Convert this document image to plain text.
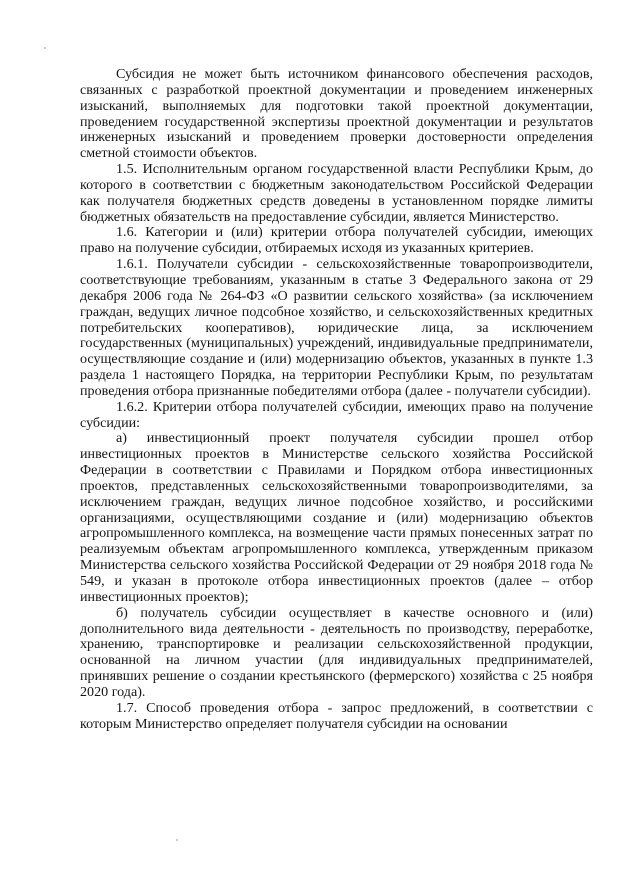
Субсидия не может быть источником финансового обеспечения расходов, связанных с разработкой проектной документации и проведением инженерных изысканий, выполняемых для подготовки такой проектной документации, проведением государственной экспертизы проектной документации и результатов инженерных изысканий и проведением проверки достоверности определения сметной стоимости объектов.

1.5. Исполнительным органом государственной власти Республики Крым, до которого в соответствии с бюджетным законодательством Российской Федерации как получателя бюджетных средств доведены в установленном порядке лимиты бюджетных обязательств на предоставление субсидии, является Министерство.

1.6. Категории и (или) критерии отбора получателей субсидии, имеющих право на получение субсидии, отбираемых исходя из указанных критериев.

1.6.1. Получатели субсидии - сельскохозяйственные товаропроизводители, соответствующие требованиям, указанным в статье 3 Федерального закона от 29 декабря 2006 года № 264-ФЗ «О развитии сельского хозяйства» (за исключением граждан, ведущих личное подсобное хозяйство, и сельскохозяйственных кредитных потребительских кооперативов), юридические лица, за исключением государственных (муниципальных) учреждений, индивидуальные предприниматели, осуществляющие создание и (или) модернизацию объектов, указанных в пункте 1.3 раздела 1 настоящего Порядка, на территории Республики Крым, по результатам проведения отбора признанные победителями отбора (далее - получатели субсидии).

1.6.2. Критерии отбора получателей субсидии, имеющих право на получение субсидии:

а) инвестиционный проект получателя субсидии прошел отбор инвестиционных проектов в Министерстве сельского хозяйства Российской Федерации в соответствии с Правилами и Порядком отбора инвестиционных проектов, представленных сельскохозяйственными товаропроизводителями, за исключением граждан, ведущих личное подсобное хозяйство, и российскими организациями, осуществляющими создание и (или) модернизацию объектов агропромышленного комплекса, на возмещение части прямых понесенных затрат по реализуемым объектам агропромышленного комплекса, утвержденным приказом Министерства сельского хозяйства Российской Федерации от 29 ноября 2018 года № 549, и указан в протоколе отбора инвестиционных проектов (далее – отбор инвестиционных проектов);

б) получатель субсидии осуществляет в качестве основного и (или) дополнительного вида деятельности - деятельность по производству, переработке, хранению, транспортировке и реализации сельскохозяйственной продукции, основанной на личном участии (для индивидуальных предпринимателей, принявших решение о создании крестьянского (фермерского) хозяйства с 25 ноября 2020 года).

1.7. Способ проведения отбора - запрос предложений, в соответствии с которым Министерство определяет получателя субсидии на основании
